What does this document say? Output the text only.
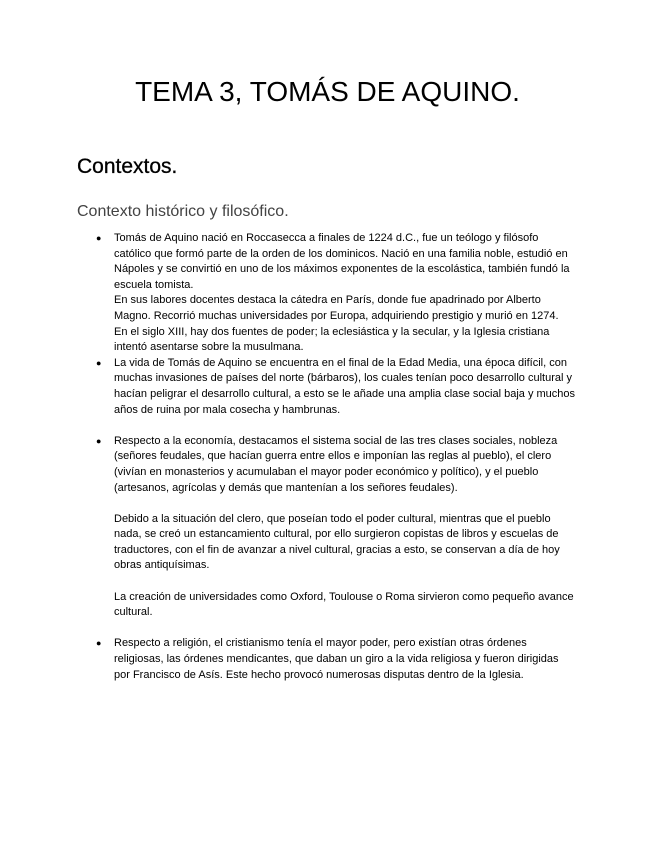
TEMA 3, TOMÁS DE AQUINO.
Contextos.
Contexto histórico y filosófico.
● Tomás de Aquino nació en Roccasecca a finales de 1224 d.C., fue un teólogo y filósofo católico que formó parte de la orden de los dominicos. Nació en una familia noble, estudió en Nápoles y se convirtió en uno de los máximos exponentes de la escolástica, también fundó la escuela tomista.
En sus labores docentes destaca la cátedra en París, donde fue apadrinado por Alberto Magno. Recorrió muchas universidades por Europa, adquiriendo prestigio y murió en 1274.
En el siglo XIII, hay dos fuentes de poder; la eclesiástica y la secular, y la Iglesia cristiana intentó asentarse sobre la musulmana.
● La vida de Tomás de Aquino se encuentra en el final de la Edad Media, una época difícil, con muchas invasiones de países del norte (bárbaros), los cuales tenían poco desarrollo cultural y hacían peligrar el desarrollo cultural, a esto se le añade una amplia clase social baja y muchos años de ruina por mala cosecha y hambrunas.
● Respecto a la economía, destacamos el sistema social de las tres clases sociales, nobleza (señores feudales, que hacían guerra entre ellos e imponían las reglas al pueblo), el clero (vivían en monasterios y acumulaban el mayor poder económico y político), y el pueblo (artesanos, agrícolas y demás que mantenían a los señores feudales).
Debido a la situación del clero, que poseían todo el poder cultural, mientras que el pueblo nada, se creó un estancamiento cultural, por ello surgieron copistas de libros y escuelas de traductores, con el fin de avanzar a nivel cultural, gracias a esto, se conservan a día de hoy obras antiquísimas.
La creación de universidades como Oxford, Toulouse o Roma sirvieron como pequeño avance cultural.
● Respecto a religión, el cristianismo tenía el mayor poder, pero existían otras órdenes religiosas, las órdenes mendicantes, que daban un giro a la vida religiosa y fueron dirigidas por Francisco de Asís. Este hecho provocó numerosas disputas dentro de la Iglesia.
